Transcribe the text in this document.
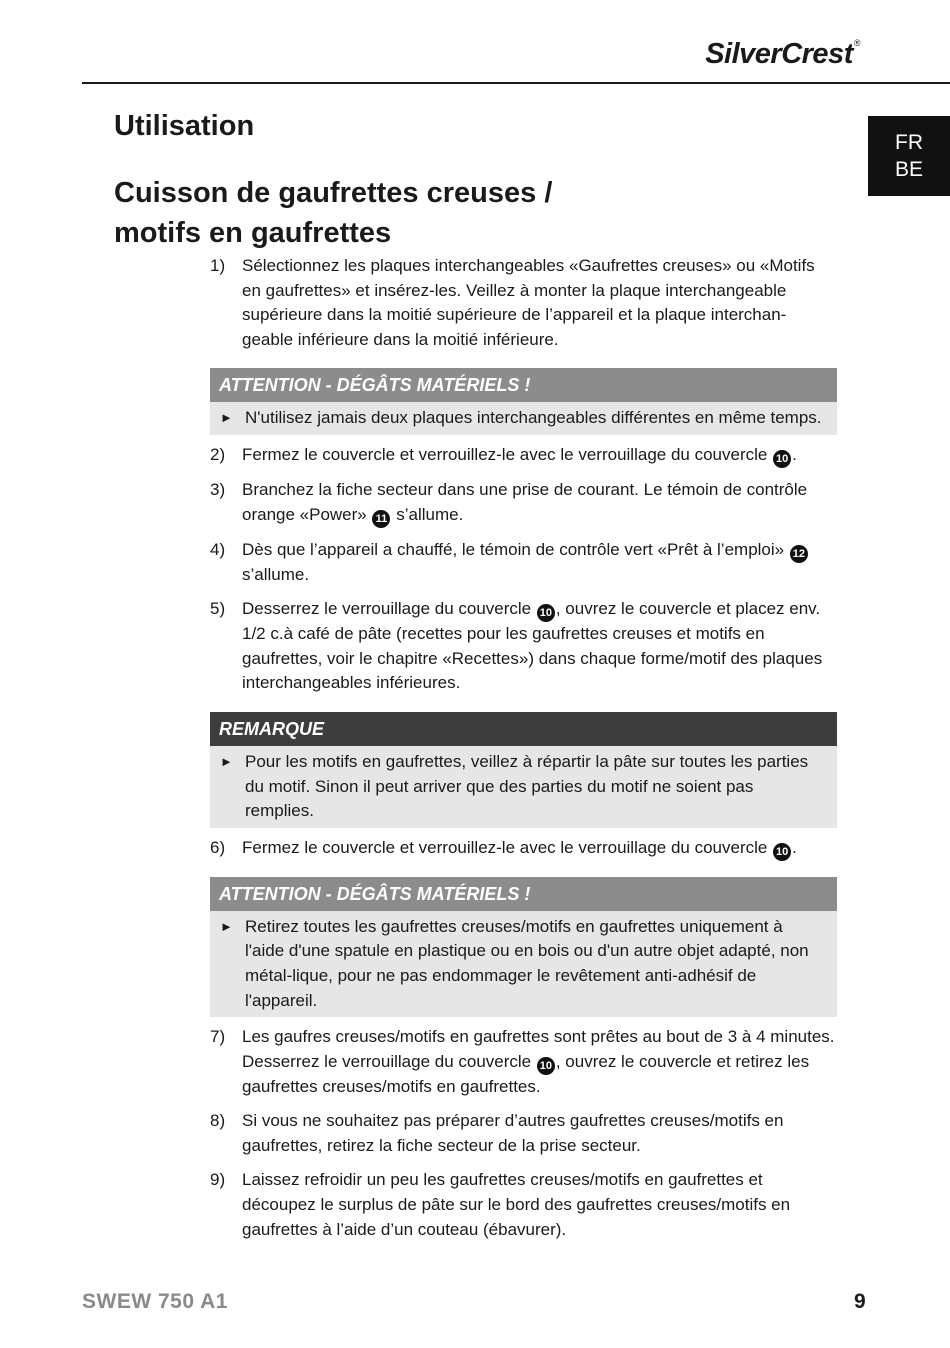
SilverCrest®
FR
BE
Utilisation
Cuisson de gaufrettes creuses /
motifs en gaufrettes
1) Sélectionnez les plaques interchangeables «Gaufrettes creuses» ou «Motifs en gaufrettes» et insérez-les. Veillez à monter la plaque interchangeable supérieure dans la moitié supérieure de l’appareil et la plaque interchan-geable inférieure dans la moitié inférieure.
ATTENTION - DÉGÂTS MATÉRIELS !
► N'utilisez jamais deux plaques interchangeables différentes en même temps.
2) Fermez le couvercle et verrouillez-le avec le verrouillage du couvercle 10 .
3) Branchez la fiche secteur dans une prise de courant. Le témoin de contrôle orange «Power» 11 s’allume.
4) Dès que l’appareil a chauffé, le témoin de contrôle vert «Prêt à l’emploi» 12 s’allume.
5) Desserrez le verrouillage du couvercle 10 , ouvrez le couvercle et placez env. 1/2 c.à café de pâte (recettes pour les gaufrettes creuses et motifs en gaufrettes, voir le chapitre «Recettes») dans chaque forme/motif des plaques interchangeables inférieures.
REMARQUE
► Pour les motifs en gaufrettes, veillez à répartir la pâte sur toutes les parties du motif. Sinon il peut arriver que des parties du motif ne soient pas remplies.
6) Fermez le couvercle et verrouillez-le avec le verrouillage du couvercle 10 .
ATTENTION - DÉGÂTS MATÉRIELS !
► Retirez toutes les gaufrettes creuses/motifs en gaufrettes uniquement à l'aide d'une spatule en plastique ou en bois ou d'un autre objet adapté, non métal-lique, pour ne pas endommager le revêtement anti-adhésif de l'appareil.
7) Les gaufres creuses/motifs en gaufrettes sont prêtes au bout de 3 à 4 minutes. Desserrez le verrouillage du couvercle 10 , ouvrez le couvercle et retirez les gaufrettes creuses/motifs en gaufrettes.
8) Si vous ne souhaitez pas préparer d’autres gaufrettes creuses/motifs en gaufrettes, retirez la fiche secteur de la prise secteur.
9) Laissez refroidir un peu les gaufrettes creuses/motifs en gaufrettes et découpez le surplus de pâte sur le bord des gaufrettes creuses/motifs en gaufrettes à l’aide d’un couteau (ébavurer).
SWEW 750 A1	9
